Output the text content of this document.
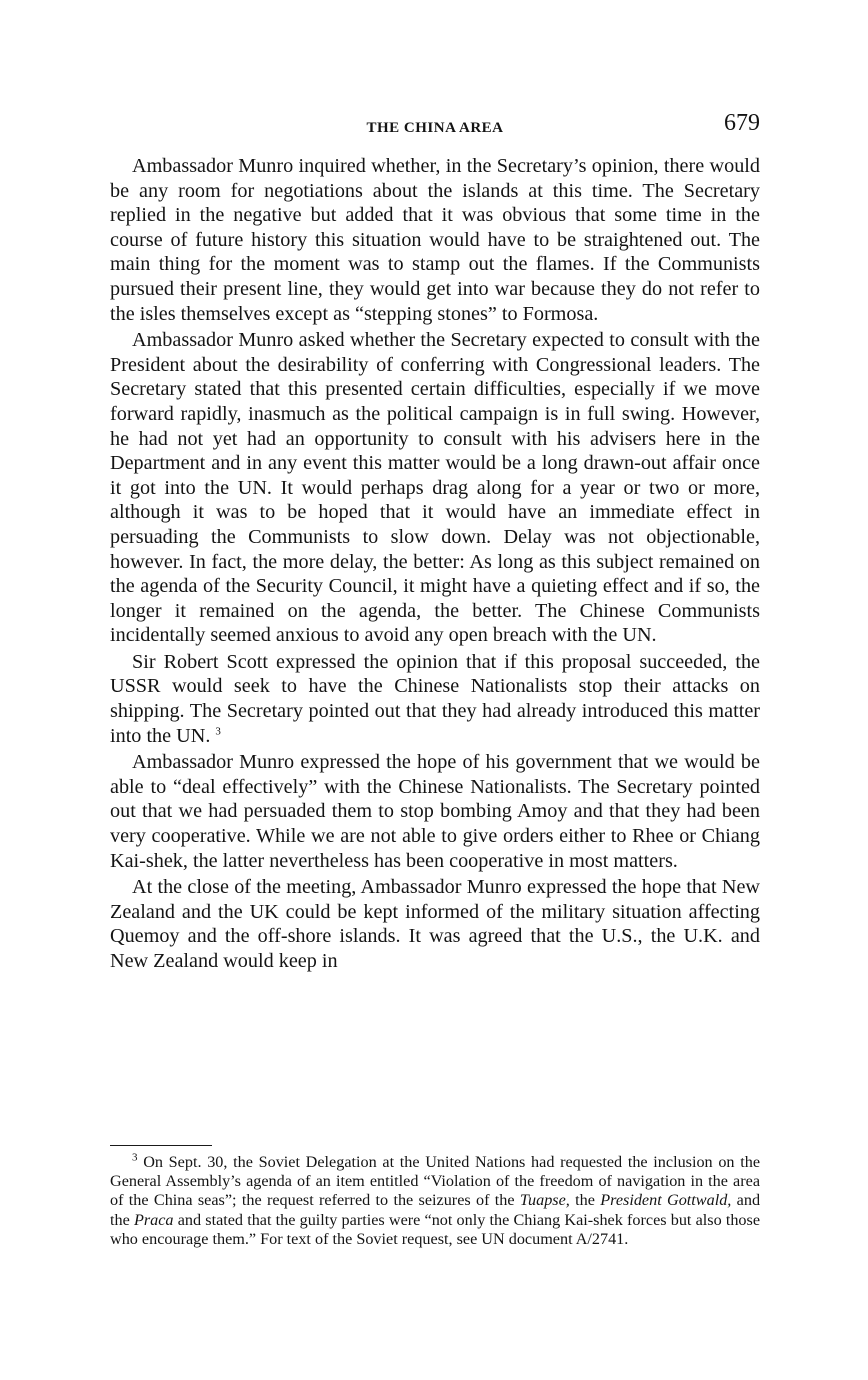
THE CHINA AREA	679

Ambassador Munro inquired whether, in the Secretary’s opinion, there would be any room for negotiations about the islands at this time. The Secretary replied in the negative but added that it was obvious that some time in the course of future history this situation would have to be straightened out. The main thing for the moment was to stamp out the flames. If the Communists pursued their present line, they would get into war because they do not refer to the isles themselves except as “stepping stones” to Formosa.

Ambassador Munro asked whether the Secretary expected to consult with the President about the desirability of conferring with Congressional leaders. The Secretary stated that this presented certain difficulties, especially if we move forward rapidly, inasmuch as the political campaign is in full swing. However, he had not yet had an opportunity to consult with his advisers here in the Department and in any event this matter would be a long drawn-out affair once it got into the UN. It would perhaps drag along for a year or two or more, although it was to be hoped that it would have an immediate effect in persuading the Communists to slow down. Delay was not objectionable, however. In fact, the more delay, the better: As long as this subject remained on the agenda of the Security Council, it might have a quieting effect and if so, the longer it remained on the agenda, the better. The Chinese Communists incidentally seemed anxious to avoid any open breach with the UN.

Sir Robert Scott expressed the opinion that if this proposal succeeded, the USSR would seek to have the Chinese Nationalists stop their attacks on shipping. The Secretary pointed out that they had already introduced this matter into the UN. $^3$

Ambassador Munro expressed the hope of his government that we would be able to “deal effectively” with the Chinese Nationalists. The Secretary pointed out that we had persuaded them to stop bombing Amoy and that they had been very cooperative. While we are not able to give orders either to Rhee or Chiang Kai-shek, the latter nevertheless has been cooperative in most matters.

At the close of the meeting, Ambassador Munro expressed the hope that New Zealand and the UK could be kept informed of the military situation affecting Quemoy and the off-shore islands. It was agreed that the U.S., the U.K. and New Zealand would keep in

$^3$ On Sept. 30, the Soviet Delegation at the United Nations had requested the inclusion on the General Assembly’s agenda of an item entitled “Violation of the freedom of navigation in the area of the China seas”; the request referred to the seizures of the Tuapse, the President Gottwald, and the Praca and stated that the guilty parties were “not only the Chiang Kai-shek forces but also those who encourage them.” For text of the Soviet request, see UN document A/2741.
